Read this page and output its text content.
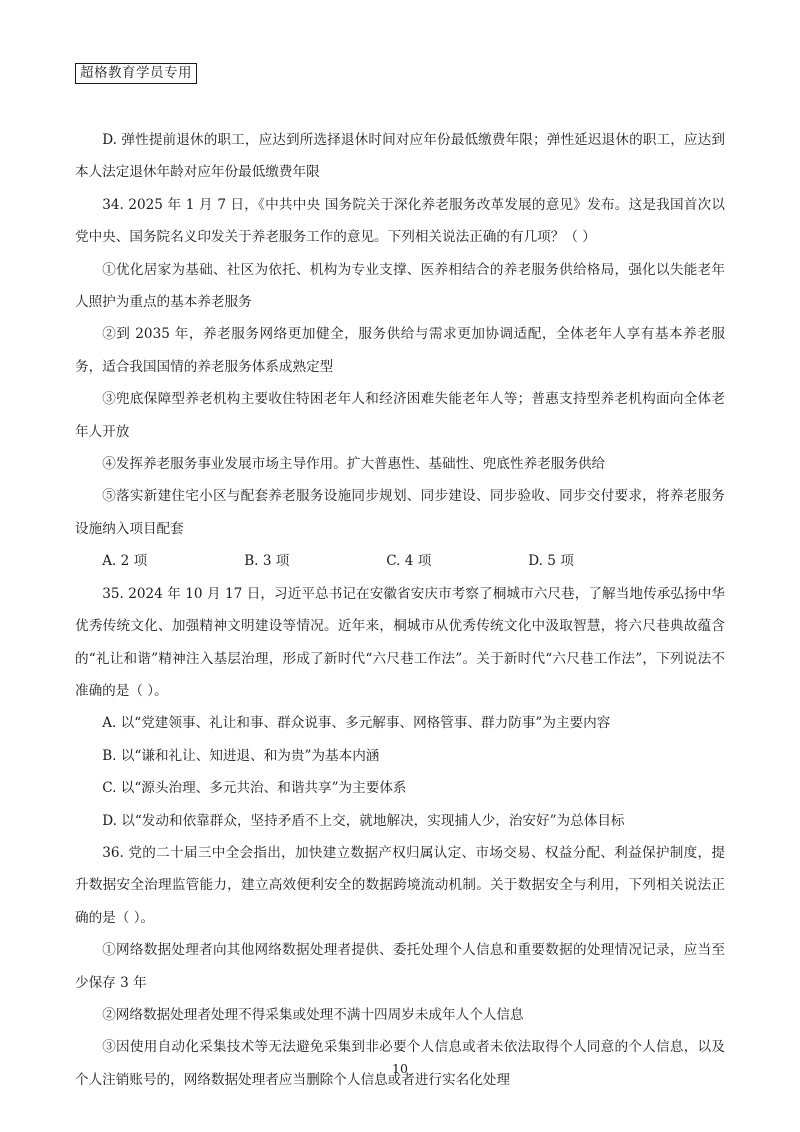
超格教育学员专用

D. 弹性提前退休的职工，应达到所选择退休时间对应年份最低缴费年限；弹性延迟退休的职工，应达到本人法定退休年龄对应年份最低缴费年限

34. 2025 年 1 月 7 日，《中共中央 国务院关于深化养老服务改革发展的意见》发布。这是我国首次以党中央、国务院名义印发关于养老服务工作的意见。下列相关说法正确的有几项？（ ）

①优化居家为基础、社区为依托、机构为专业支撑、医养相结合的养老服务供给格局，强化以失能老年人照护为重点的基本养老服务

②到 2035 年，养老服务网络更加健全，服务供给与需求更加协调适配，全体老年人享有基本养老服务，适合我国国情的养老服务体系成熟定型

③兜底保障型养老机构主要收住特困老年人和经济困难失能老年人等；普惠支持型养老机构面向全体老年人开放

④发挥养老服务事业发展市场主导作用。扩大普惠性、基础性、兜底性养老服务供给

⑤落实新建住宅小区与配套养老服务设施同步规划、同步建设、同步验收、同步交付要求，将养老服务设施纳入项目配套

A. 2 项	B. 3 项	C. 4 项	D. 5 项

35. 2024 年 10 月 17 日，习近平总书记在安徽省安庆市考察了桐城市六尺巷，了解当地传承弘扬中华优秀传统文化、加强精神文明建设等情况。近年来，桐城市从优秀传统文化中汲取智慧，将六尺巷典故蕴含的“礼让和谐”精神注入基层治理，形成了新时代“六尺巷工作法”。关于新时代“六尺巷工作法”，下列说法不准确的是（ ）。

A. 以“党建领事、礼让和事、群众说事、多元解事、网格管事、群力防事”为主要内容

B. 以“谦和礼让、知进退、和为贵”为基本内涵

C. 以“源头治理、多元共治、和谐共享”为主要体系

D. 以“发动和依靠群众，坚持矛盾不上交，就地解决，实现捕人少，治安好”为总体目标

36. 党的二十届三中全会指出，加快建立数据产权归属认定、市场交易、权益分配、利益保护制度，提升数据安全治理监管能力，建立高效便利安全的数据跨境流动机制。关于数据安全与利用，下列相关说法正确的是（ ）。

①网络数据处理者向其他网络数据处理者提供、委托处理个人信息和重要数据的处理情况记录，应当至少保存 3 年

②网络数据处理者处理不得采集或处理不满十四周岁未成年人个人信息

③因使用自动化采集技术等无法避免采集到非必要个人信息或者未依法取得个人同意的个人信息，以及个人注销账号的，网络数据处理者应当删除个人信息或者进行实名化处理

10
